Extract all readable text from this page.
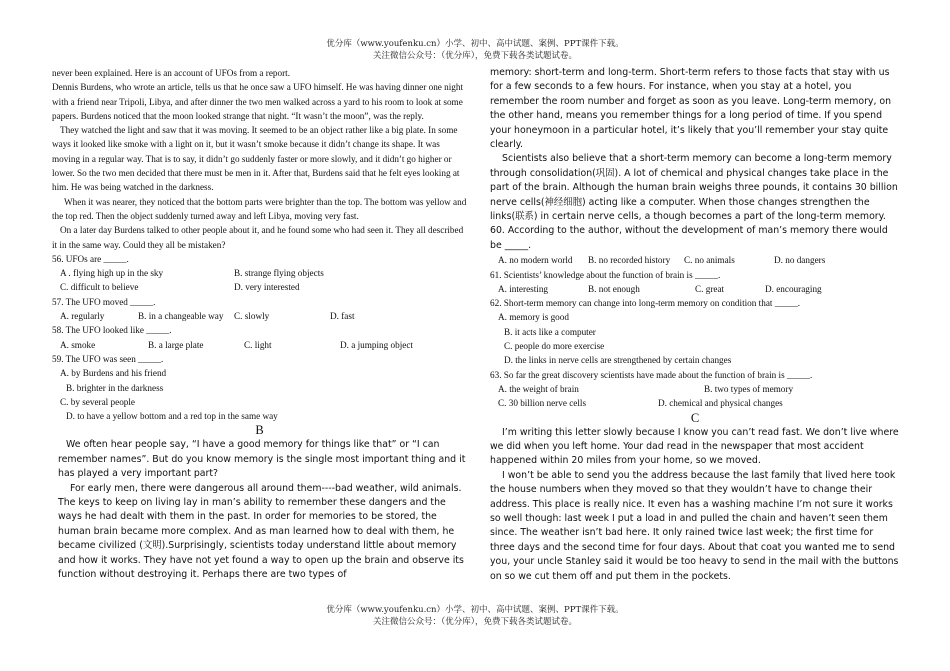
优分库（www.youfenku.cn）小学、初中、高中试题、案例、PPT课件下载。
关注微信公众号：（优分库），免费下载各类试题试卷。

never been explained. Here is an account of UFOs from a report.

Dennis Burdens, who wrote an article, tells us that he once saw a UFO himself. He was having dinner one night with a friend near Tripoli, Libya, and after dinner the two men walked across a yard to his room to look at some papers. Burdens noticed that the moon looked strange that night. “It wasn’t the moon”, was the reply.

They watched the light and saw that it was moving. It seemed to be an object rather like a big plate. In some ways it looked like smoke with a light on it, but it wasn’t smoke because it didn’t change its shape. It was moving in a regular way. That is to say, it didn’t go suddenly faster or more slowly, and it didn’t go higher or lower. So the two men decided that there must be men in it. After that, Burdens said that he felt eyes looking at him. He was being watched in the darkness.

When it was nearer, they noticed that the bottom parts were brighter than the top. The bottom was yellow and the top red. Then the object suddenly turned away and left Libya, moving very fast.

On a later day Burdens talked to other people about it, and he found some who had seen it. They all described it in the same way. Could they all be mistaken?

56. UFOs are _____.

A . flying high up in the sky	B. strange flying objects
C. difficult to believe	D. very interested

57. The UFO moved _____.

A. regularly	B. in a changeable way	C. slowly	D. fast

58. The UFO looked like _____.

A. smoke	B. a large plate	C. light	D. a jumping object

59. The UFO was seen _____.

A. by Burdens and his friend

B. brighter in the darkness

C. by several people

D. to have a yellow bottom and a red top in the same way

B

We often hear people say, “I have a good memory for things like that” or “I can remember names”. But do you know memory is the single most important thing and it has played a very important part?

For early men, there were dangerous all around them----bad weather, wild animals. The keys to keep on living lay in man’s ability to remember these dangers and the ways he had dealt with them in the past. In order for memories to be stored, the human brain became more complex. And as man learned how to deal with them, he became civilized (文明).Surprisingly, scientists today understand little about memory and how it works. They have not yet found a way to open up the brain and observe its function without destroying it. Perhaps there are two types of

memory: short-term and long-term. Short-term refers to those facts that stay with us for a few seconds to a few hours. For instance, when you stay at a hotel, you remember the room number and forget as soon as you leave. Long-term memory, on the other hand, means you remember things for a long period of time. If you spend your honeymoon in a particular hotel, it’s likely that you’ll remember your stay quite clearly.

Scientists also believe that a short-term memory can become a long-term memory through consolidation(巩固). A lot of chemical and physical changes take place in the part of the brain. Although the human brain weighs three pounds, it contains 30 billion nerve cells(神经细胞) acting like a computer. When those changes strengthen the links(联系) in certain nerve cells, a though becomes a part of the long-term memory.

60. According to the author, without the development of man’s memory there would be _____.

A. no modern world	B. no recorded history	C. no animals	D. no dangers

61. Scientists’ knowledge about the function of brain is _____.

A. interesting	B. not enough	C. great	D. encouraging

62. Short-term memory can change into long-term memory on condition that _____.

A. memory is good

B. it acts like a computer

C. people do more exercise

D. the links in nerve cells are strengthened by certain changes

63. So far the great discovery scientists have made about the function of brain is _____.

A. the weight of brain	B. two types of memory
C. 30 billion nerve cells	D. chemical and physical changes
C

I’m writing this letter slowly because I know you can’t read fast. We don’t live where we did when you left home. Your dad read in the newspaper that most accident happened within 20 miles from your home, so we moved.

I won’t be able to send you the address because the last family that lived here took the house numbers when they moved so that they wouldn’t have to change their address. This place is really nice. It even has a washing machine I’m not sure it works so well though: last week I put a load in and pulled the chain and haven’t seen them since. The weather isn’t bad here. It only rained twice last week; the first time for three days and the second time for four days. About that coat you wanted me to send you, your uncle Stanley said it would be too heavy to send in the mail with the buttons on so we cut them off and put them in the pockets.

优分库（www.youfenku.cn）小学、初中、高中试题、案例、PPT课件下载。
关注微信公众号：（优分库），免费下载各类试题试卷。
